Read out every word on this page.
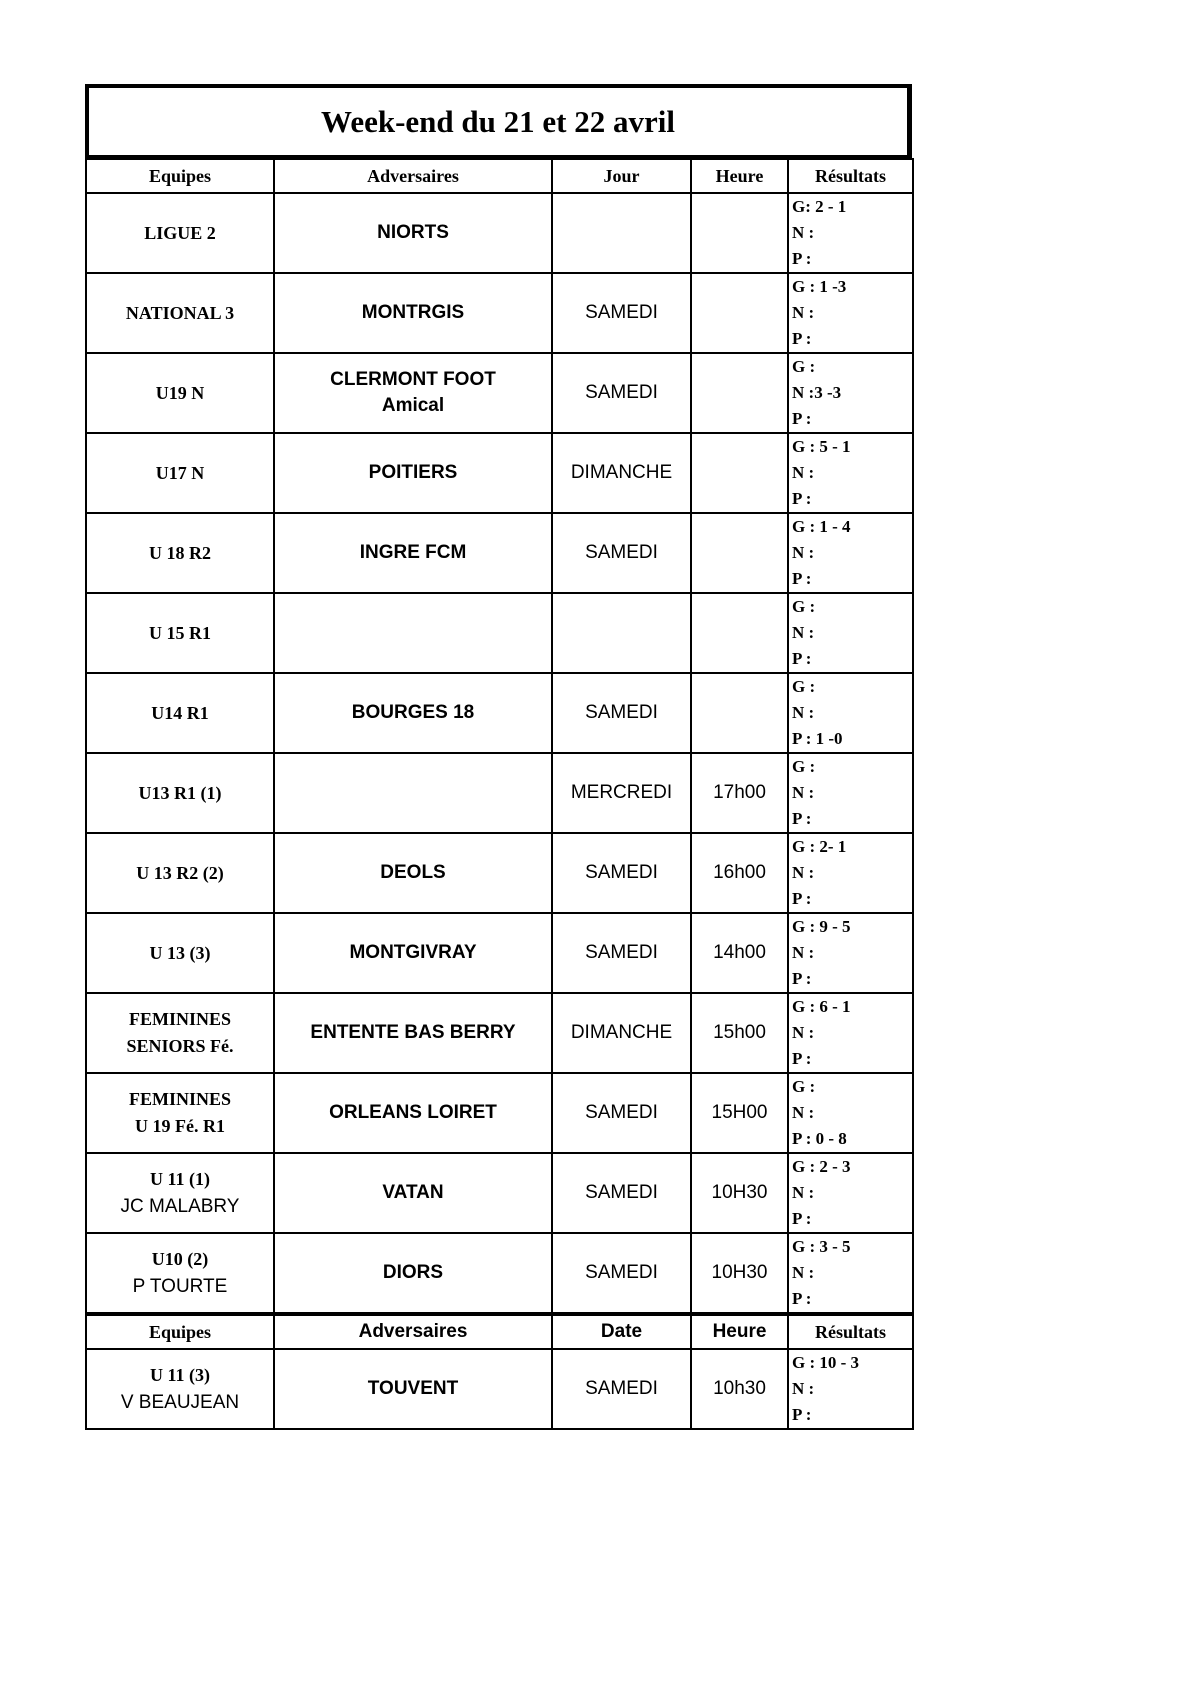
Week-end du 21 et 22 avril
Equipes	Adversaires	Jour	Heure	Résultats
LIGUE 2	NIORTS			G: 2 - 1
N :
P :

NATIONAL 3	MONTRGIS	SAMEDI		G : 1 -3
N :
P :

U19 N	CLERMONT FOOT
Amical	SAMEDI		G :
N :3 -3
P :

U17 N	POITIERS	DIMANCHE		G : 5 - 1
N :
P :

U 18 R2	INGRE FCM	SAMEDI		G : 1 - 4
N :
P :

U 15 R1				G :
N :
P :

U14 R1	BOURGES 18	SAMEDI		G :
N :
P : 1 -0

U13 R1 (1)		MERCREDI	17h00	G :
N :
P :

U 13 R2 (2)	DEOLS	SAMEDI	16h00	G : 2- 1
N :
P :

U 13 (3)	MONTGIVRAY	SAMEDI	14h00	G : 9 - 5
N :
P :

FEMININES
SENIORS Fé.	ENTENTE BAS BERRY	DIMANCHE	15h00	G : 6 - 1
N :
P :

FEMININES
U 19 Fé. R1	ORLEANS LOIRET	SAMEDI	15H00	G :
N :
P : 0 - 8

U 11 (1)
JC MALABRY	VATAN	SAMEDI	10H30	G : 2 - 3
N :
P :

U10 (2)
P TOURTE	DIORS	SAMEDI	10H30	G : 3 - 5
N :
P :

Equipes	Adversaires	Date	Heure	Résultats
U 11 (3)
V BEAUJEAN	TOUVENT	SAMEDI	10h30	G : 10 - 3
N :
P :
